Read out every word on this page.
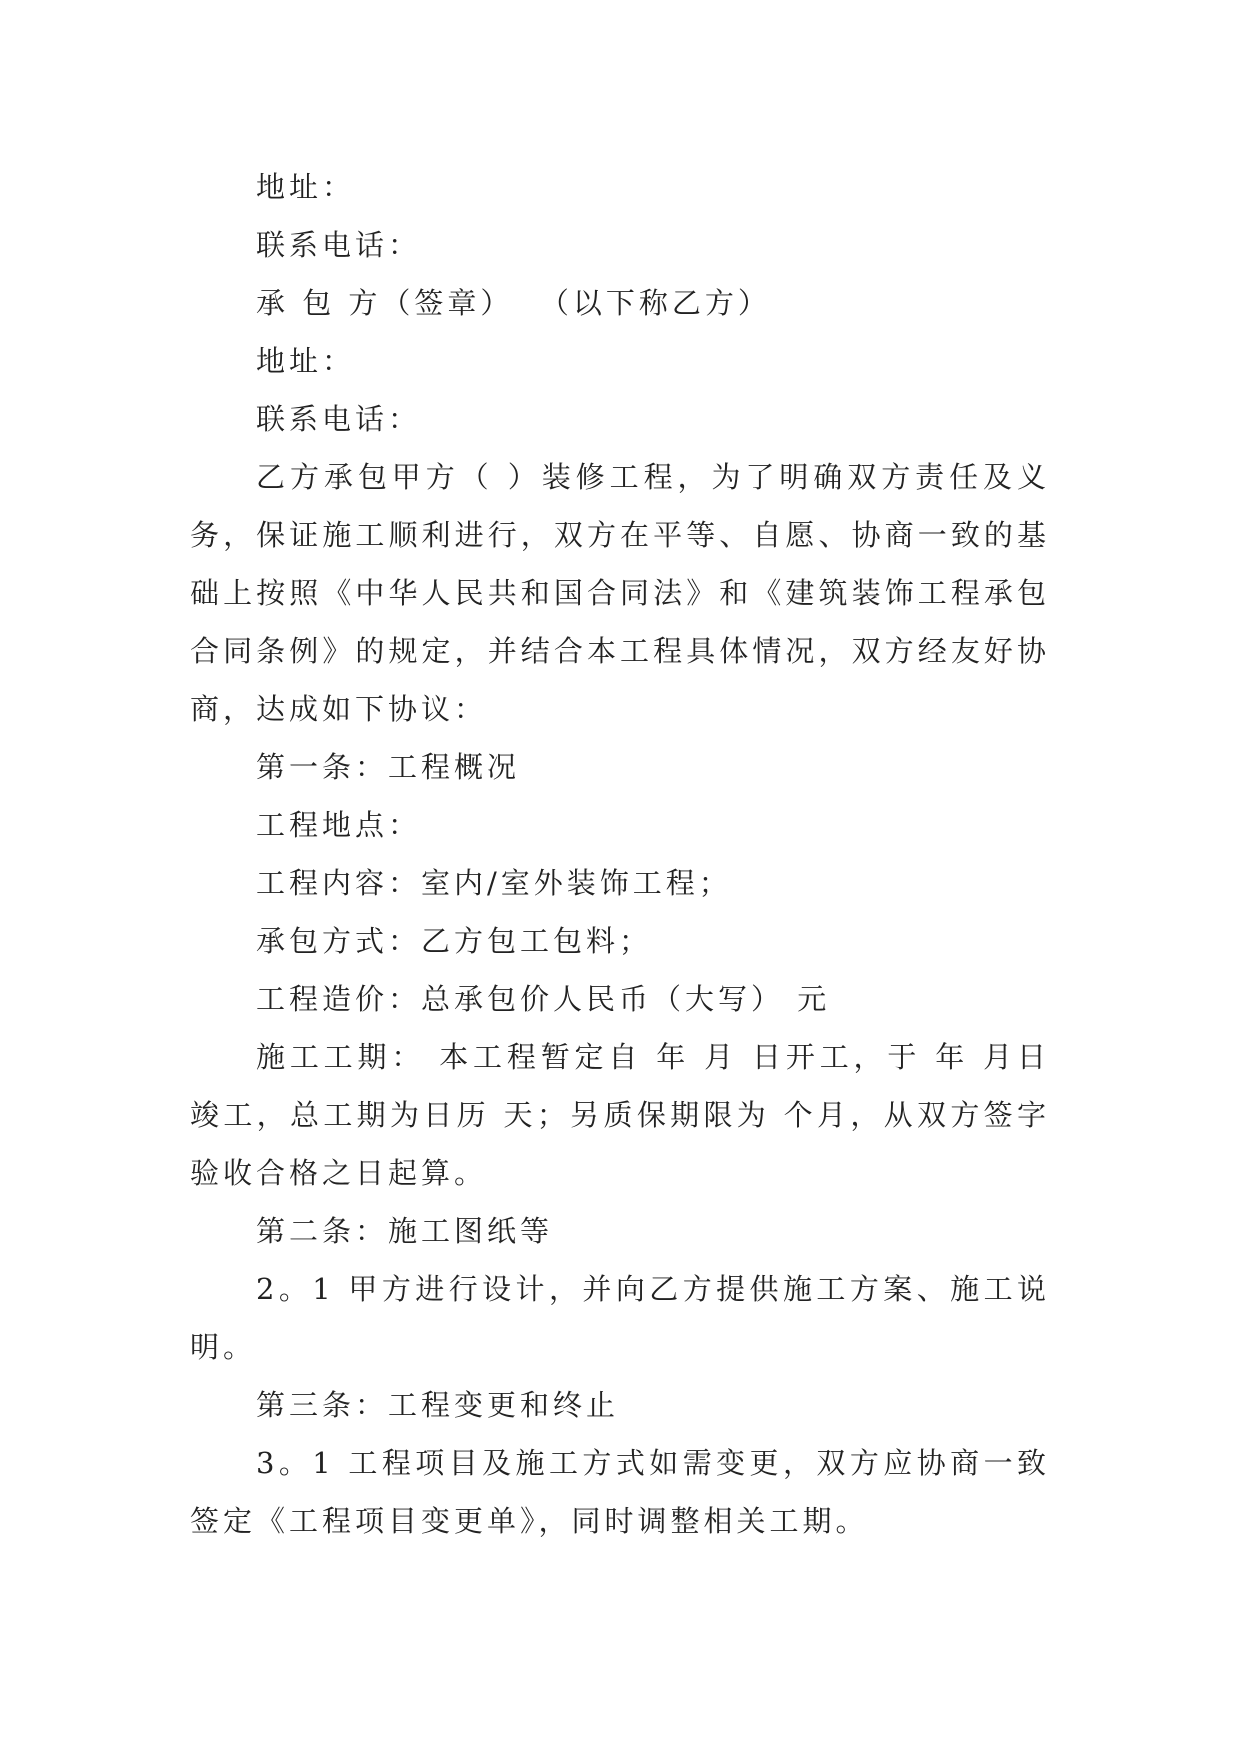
地址：

联系电话：

承 包 方（签章）  （以下称乙方）

地址：

联系电话：

乙方承包甲方（ ）装修工程，为了明确双方责任及义务，保证施工顺利进行，双方在平等、自愿、协商一致的基础上按照《中华人民共和国合同法》和《建筑装饰工程承包合同条例》的规定，并结合本工程具体情况，双方经友好协商，达成如下协议：

第一条：工程概况

工程地点：

工程内容：室内/室外装饰工程；

承包方式：乙方包工包料；

工程造价：总承包价人民币（大写） 元

施工工期： 本工程暂定自 年 月 日开工，于 年 月日竣工，总工期为日历 天；另质保期限为 个月，从双方签字验收合格之日起算。

第二条：施工图纸等

2。1 甲方进行设计，并向乙方提供施工方案、施工说明。

第三条：工程变更和终止

3。1 工程项目及施工方式如需变更，双方应协商一致签定《工程项目变更单》，同时调整相关工期。
